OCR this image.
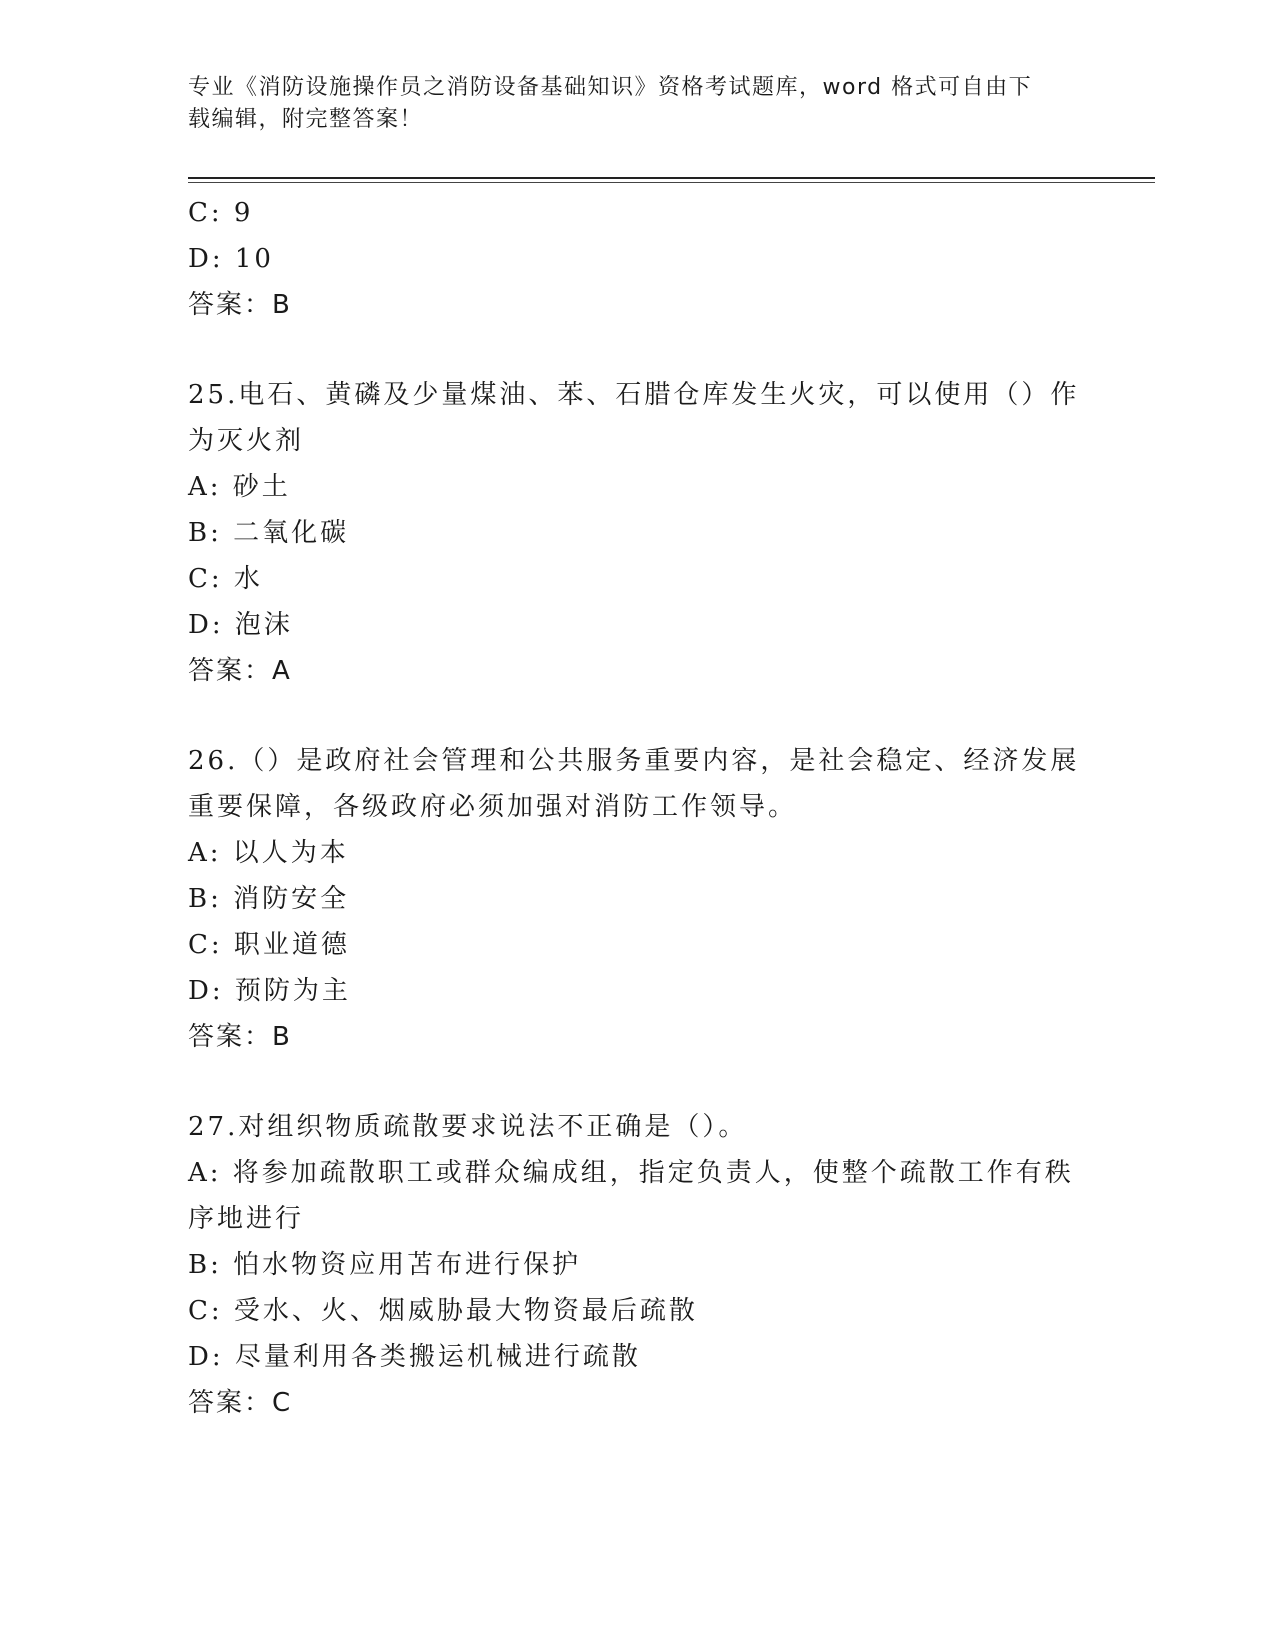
专业《消防设施操作员之消防设备基础知识》资格考试题库，word 格式可自由下
载编辑，附完整答案！
C: 9
D: 10
答案：B
25.电石、黄磷及少量煤油、苯、石腊仓库发生火灾，可以使用（）作
为灭火剂
A: 砂土
B: 二氧化碳
C: 水
D: 泡沫
答案：A
26.（）是政府社会管理和公共服务重要内容，是社会稳定、经济发展
重要保障，各级政府必须加强对消防工作领导。
A: 以人为本
B: 消防安全
C: 职业道德
D: 预防为主
答案：B
27.对组织物质疏散要求说法不正确是（）。
A: 将参加疏散职工或群众编成组，指定负责人，使整个疏散工作有秩
序地进行
B: 怕水物资应用苫布进行保护
C: 受水、火、烟威胁最大物资最后疏散
D: 尽量利用各类搬运机械进行疏散
答案：C
